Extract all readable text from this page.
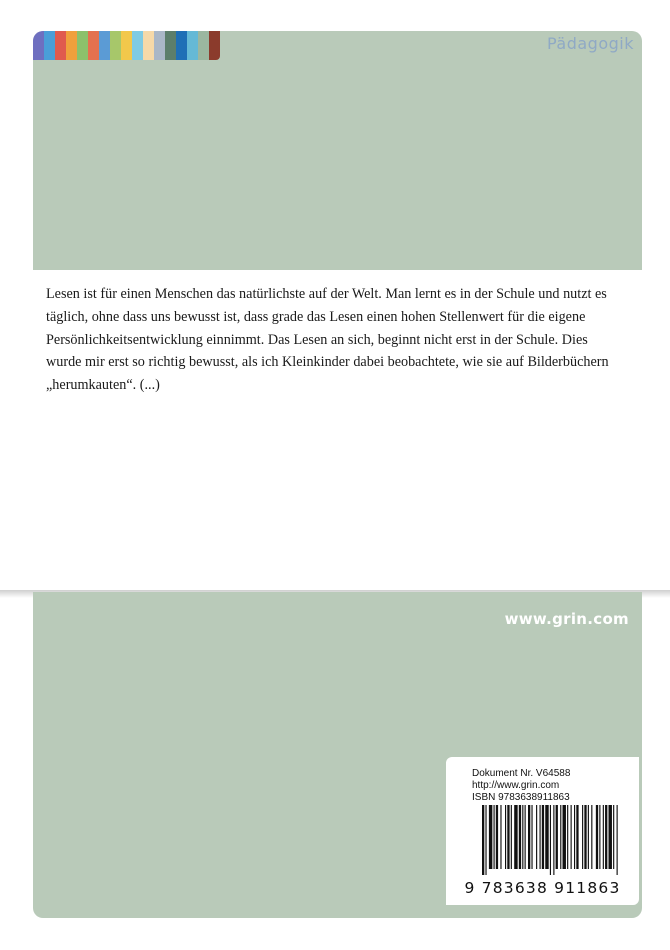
Pädagogik

Lesen ist für einen Menschen das natürlichste auf der Welt. Man lernt es in der Schule und nutzt es täglich, ohne dass uns bewusst ist, dass grade das Lesen einen hohen Stellenwert für die eigene Persönlichkeitsentwicklung einnimmt. Das Lesen an sich, beginnt nicht erst in der Schule. Dies wurde mir erst so richtig bewusst, als ich Kleinkinder dabei beobachtete, wie sie auf Bilderbüchern „herumkauten“. (...)

www.grin.com
Dokument Nr. V64588
http://www.grin.com
ISBN 9783638911863
9 783638 911863
